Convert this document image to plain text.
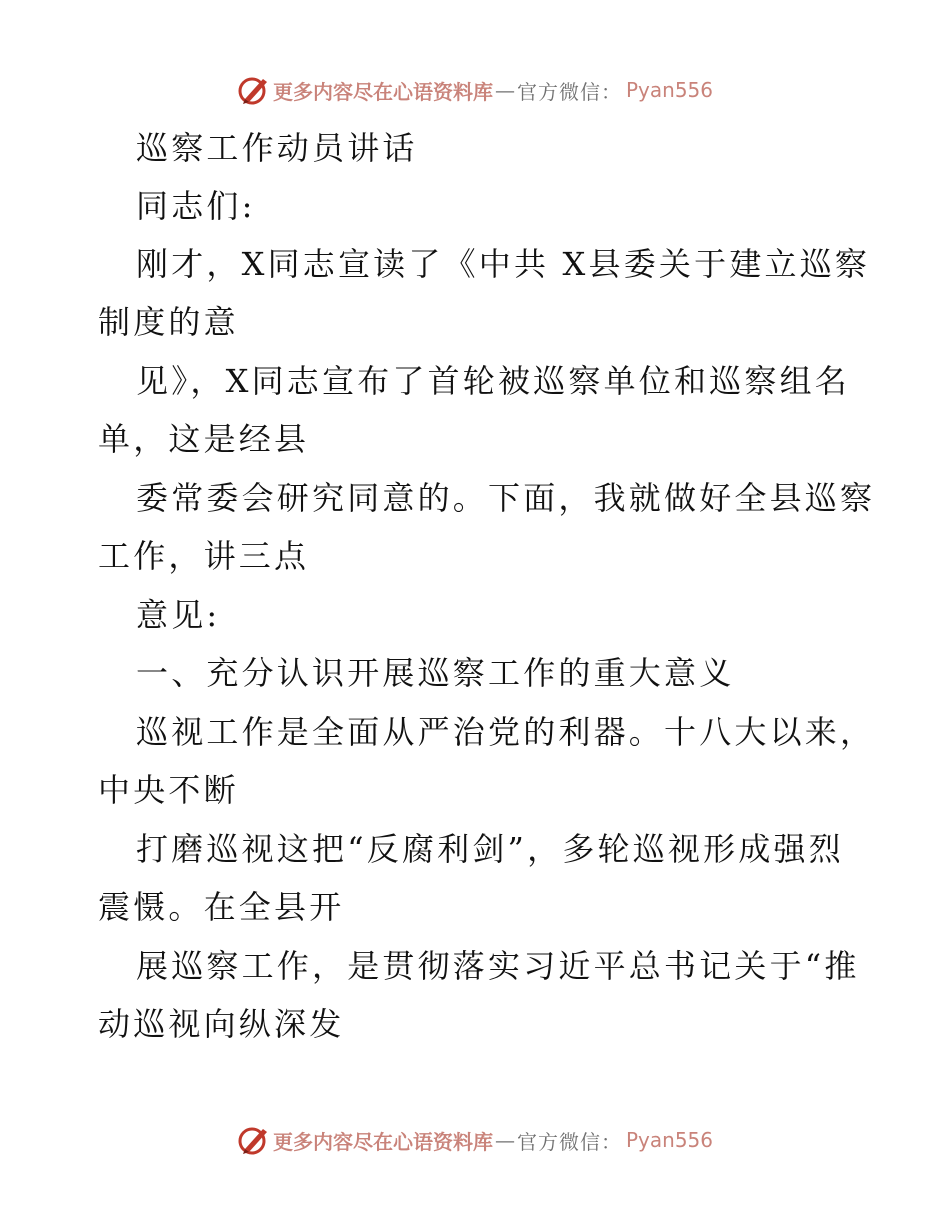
更多内容尽在心语资料库 — 官方微信： Pyan556
巡察工作动员讲话
同志们:
刚才，X同志宣读了《中共 X县委关于建立巡察
制度的意
见》，X同志宣布了首轮被巡察单位和巡察组名
单，这是经县
委常委会研究同意的。下面，我就做好全县巡察
工作，讲三点
意见:
一、充分认识开展巡察工作的重大意义
巡视工作是全面从严治党的利器。十八大以来，
中央不断
打磨巡视这把“反腐利剑”，多轮巡视形成强烈
震慑。在全县开
展巡察工作，是贯彻落实习近平总书记关于“推
动巡视向纵深发
更多内容尽在心语资料库 — 官方微信： Pyan556
